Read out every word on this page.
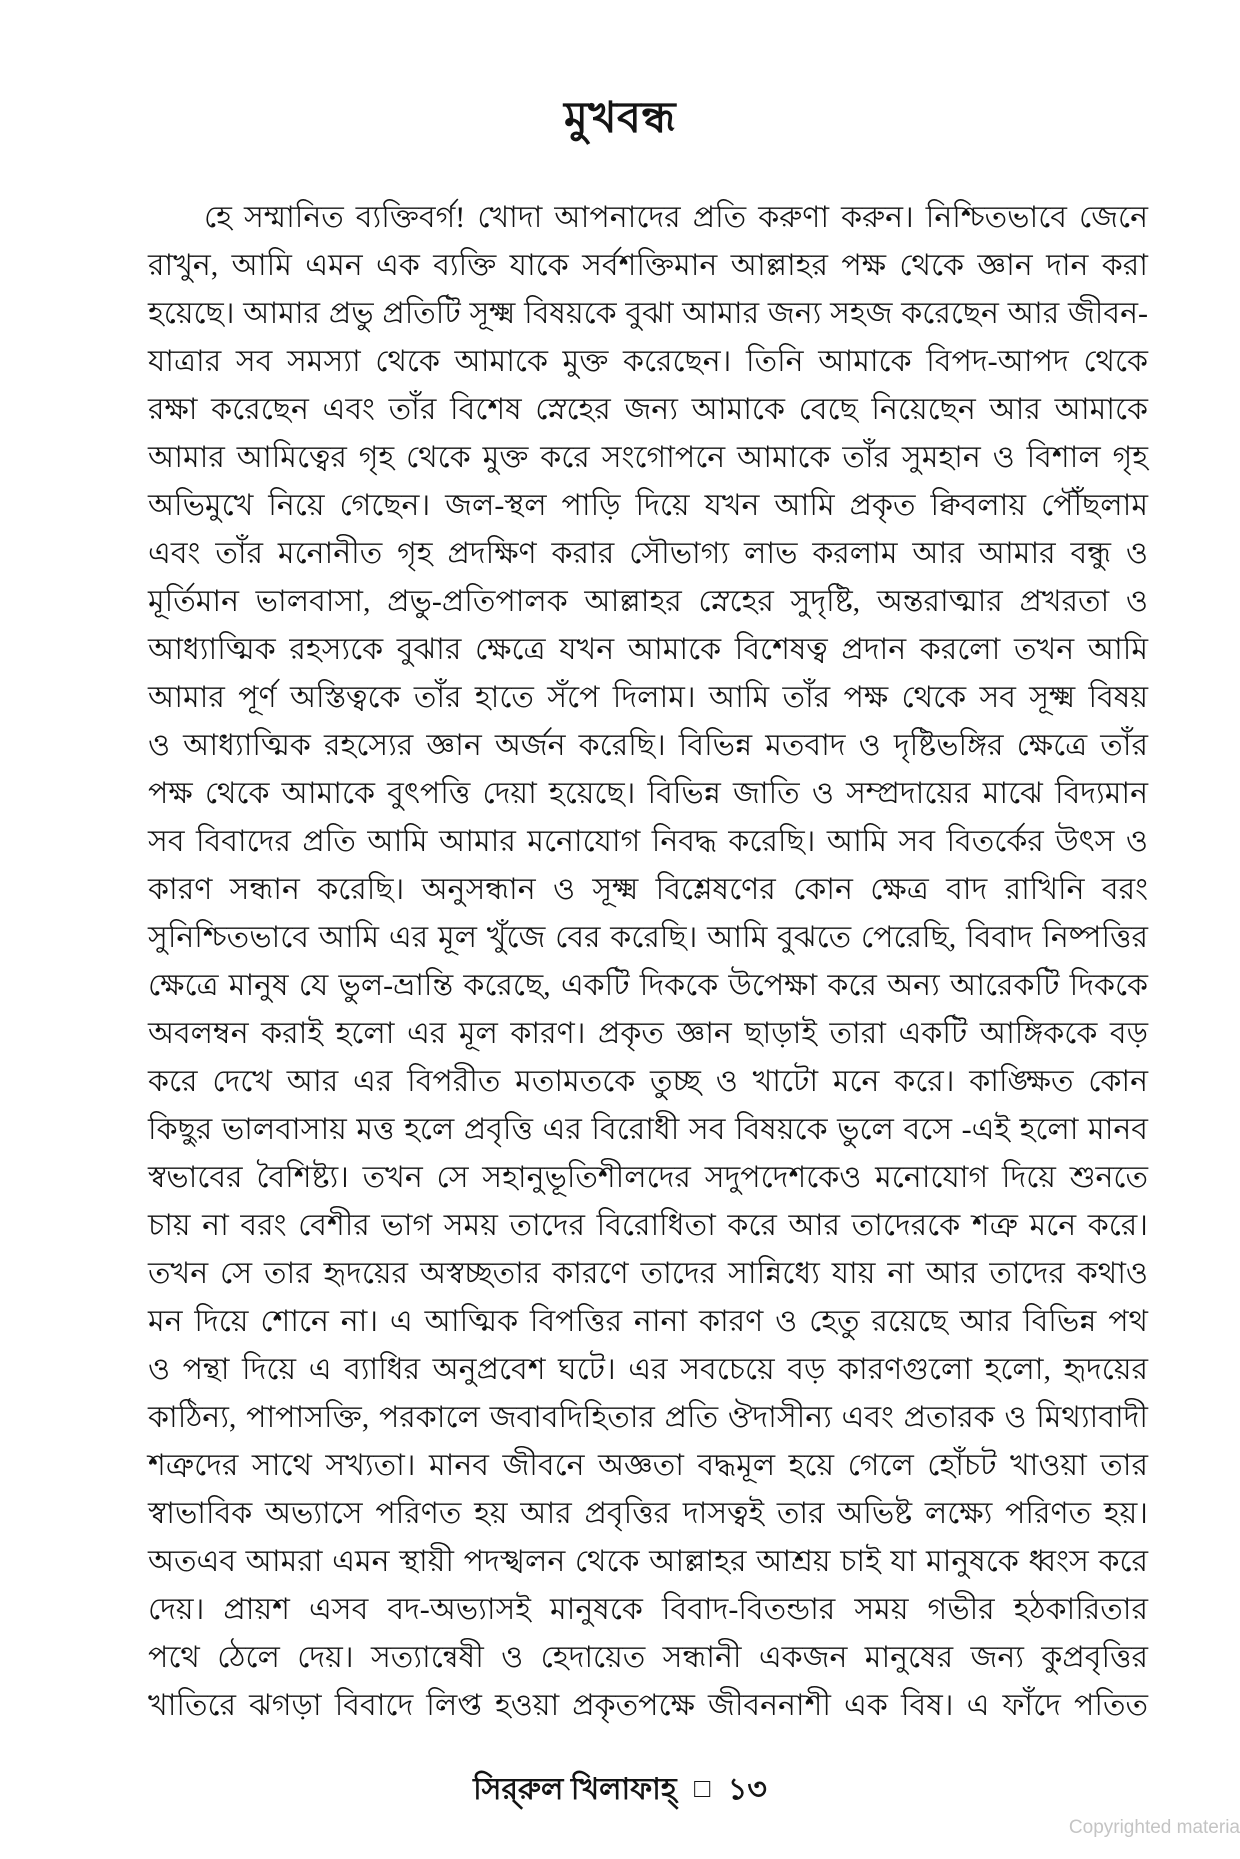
মুখবন্ধ
হে সম্মানিত ব্যক্তিবর্গ! খোদা আপনাদের প্রতি করুণা করুন। নিশ্চিতভাবে জেনে
রাখুন, আমি এমন এক ব্যক্তি যাকে সর্বশক্তিমান আল্লাহর পক্ষ থেকে জ্ঞান দান করা
হয়েছে। আমার প্রভু প্রতিটি সূক্ষ্ম বিষয়কে বুঝা আমার জন্য সহজ করেছেন আর জীবন-
যাত্রার সব সমস্যা থেকে আমাকে মুক্ত করেছেন। তিনি আমাকে বিপদ-আপদ থেকে
রক্ষা করেছেন এবং তাঁর বিশেষ স্নেহের জন্য আমাকে বেছে নিয়েছেন আর আমাকে
আমার আমিত্বের গৃহ থেকে মুক্ত করে সংগোপনে আমাকে তাঁর সুমহান ও বিশাল গৃহ
অভিমুখে নিয়ে গেছেন। জল-স্থল পাড়ি দিয়ে যখন আমি প্রকৃত ক্বিবলায় পৌঁছলাম
এবং তাঁর মনোনীত গৃহ প্রদক্ষিণ করার সৌভাগ্য লাভ করলাম আর আমার বন্ধু ও
মূর্তিমান ভালবাসা, প্রভু-প্রতিপালক আল্লাহর স্নেহের সুদৃষ্টি, অন্তরাত্মার প্রখরতা ও
আধ্যাত্মিক রহস্যকে বুঝার ক্ষেত্রে যখন আমাকে বিশেষত্ব প্রদান করলো তখন আমি
আমার পূর্ণ অস্তিত্বকে তাঁর হাতে সঁপে দিলাম। আমি তাঁর পক্ষ থেকে সব সূক্ষ্ম বিষয়
ও আধ্যাত্মিক রহস্যের জ্ঞান অর্জন করেছি। বিভিন্ন মতবাদ ও দৃষ্টিভঙ্গির ক্ষেত্রে তাঁর
পক্ষ থেকে আমাকে বুৎপত্তি দেয়া হয়েছে। বিভিন্ন জাতি ও সম্প্রদায়ের মাঝে বিদ্যমান
সব বিবাদের প্রতি আমি আমার মনোযোগ নিবদ্ধ করেছি। আমি সব বিতর্কের উৎস ও
কারণ সন্ধান করেছি। অনুসন্ধান ও সূক্ষ্ম বিশ্লেষণের কোন ক্ষেত্র বাদ রাখিনি বরং
সুনিশ্চিতভাবে আমি এর মূল খুঁজে বের করেছি। আমি বুঝতে পেরেছি, বিবাদ নিষ্পত্তির
ক্ষেত্রে মানুষ যে ভুল-ভ্রান্তি করেছে, একটি দিককে উপেক্ষা করে অন্য আরেকটি দিককে
অবলম্বন করাই হলো এর মূল কারণ। প্রকৃত জ্ঞান ছাড়াই তারা একটি আঙ্গিককে বড়
করে দেখে আর এর বিপরীত মতামতকে তুচ্ছ ও খাটো মনে করে। কাঙ্ক্ষিত কোন
কিছুর ভালবাসায় মত্ত হলে প্রবৃত্তি এর বিরোধী সব বিষয়কে ভুলে বসে -এই হলো মানব
স্বভাবের বৈশিষ্ট্য। তখন সে সহানুভূতিশীলদের সদুপদেশকেও মনোযোগ দিয়ে শুনতে
চায় না বরং বেশীর ভাগ সময় তাদের বিরোধিতা করে আর তাদেরকে শত্রু মনে করে।
তখন সে তার হৃদয়ের অস্বচ্ছতার কারণে তাদের সান্নিধ্যে যায় না আর তাদের কথাও
মন দিয়ে শোনে না। এ আত্মিক বিপত্তির নানা কারণ ও হেতু রয়েছে আর বিভিন্ন পথ
ও পন্থা দিয়ে এ ব্যাধির অনুপ্রবেশ ঘটে। এর সবচেয়ে বড় কারণগুলো হলো, হৃদয়ের
কাঠিন্য, পাপাসক্তি, পরকালে জবাবদিহিতার প্রতি ঔদাসীন্য এবং প্রতারক ও মিথ্যাবাদী
শত্রুদের সাথে সখ্যতা। মানব জীবনে অজ্ঞতা বদ্ধমূল হয়ে গেলে হোঁচট খাওয়া তার
স্বাভাবিক অভ্যাসে পরিণত হয় আর প্রবৃত্তির দাসত্বই তার অভিষ্ট লক্ষ্যে পরিণত হয়।
অতএব আমরা এমন স্থায়ী পদস্খলন থেকে আল্লাহর আশ্রয় চাই যা মানুষকে ধ্বংস করে
দেয়। প্রায়শ এসব বদ-অভ্যাসই মানুষকে বিবাদ-বিতন্ডার সময় গভীর হঠকারিতার
পথে ঠেলে দেয়। সত্যান্বেষী ও হেদায়েত সন্ধানী একজন মানুষের জন্য কুপ্রবৃত্তির
খাতিরে ঝগড়া বিবাদে লিপ্ত হওয়া প্রকৃতপক্ষে জীবননাশী এক বিষ। এ ফাঁদে পতিত
সির্‌রুল খিলাফাহ্ □ ১৩
Copyrighted materia
